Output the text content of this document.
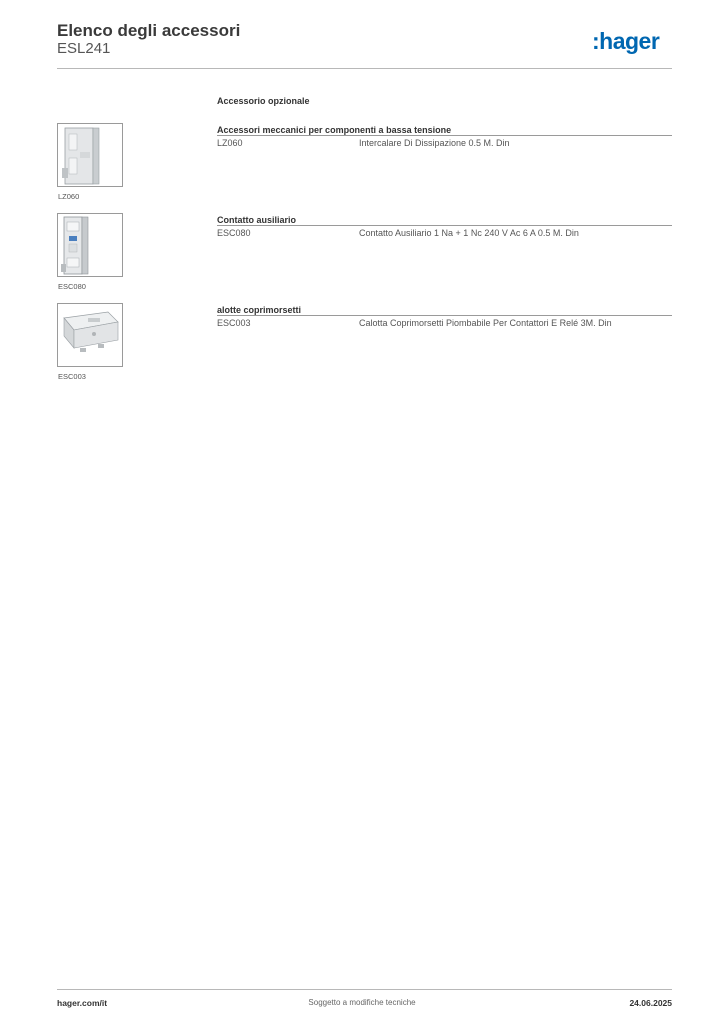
Elenco degli accessori
ESL241	:hager
Accessorio opzionale
LZ060
Accessori meccanici per componenti a bassa tensione
LZ060	Intercalare Di Dissipazione 0.5 M. Din
ESC080
Contatto ausiliario
ESC080	Contatto Ausiliario 1 Na + 1 Nc 240 V Ac 6 A 0.5 M. Din
ESC003
alotte coprimorsetti
ESC003	Calotta Coprimorsetti Piombabile Per Contattori E Relé 3M. Din
hager.com/it	Soggetto a modifiche tecniche	24.06.2025
